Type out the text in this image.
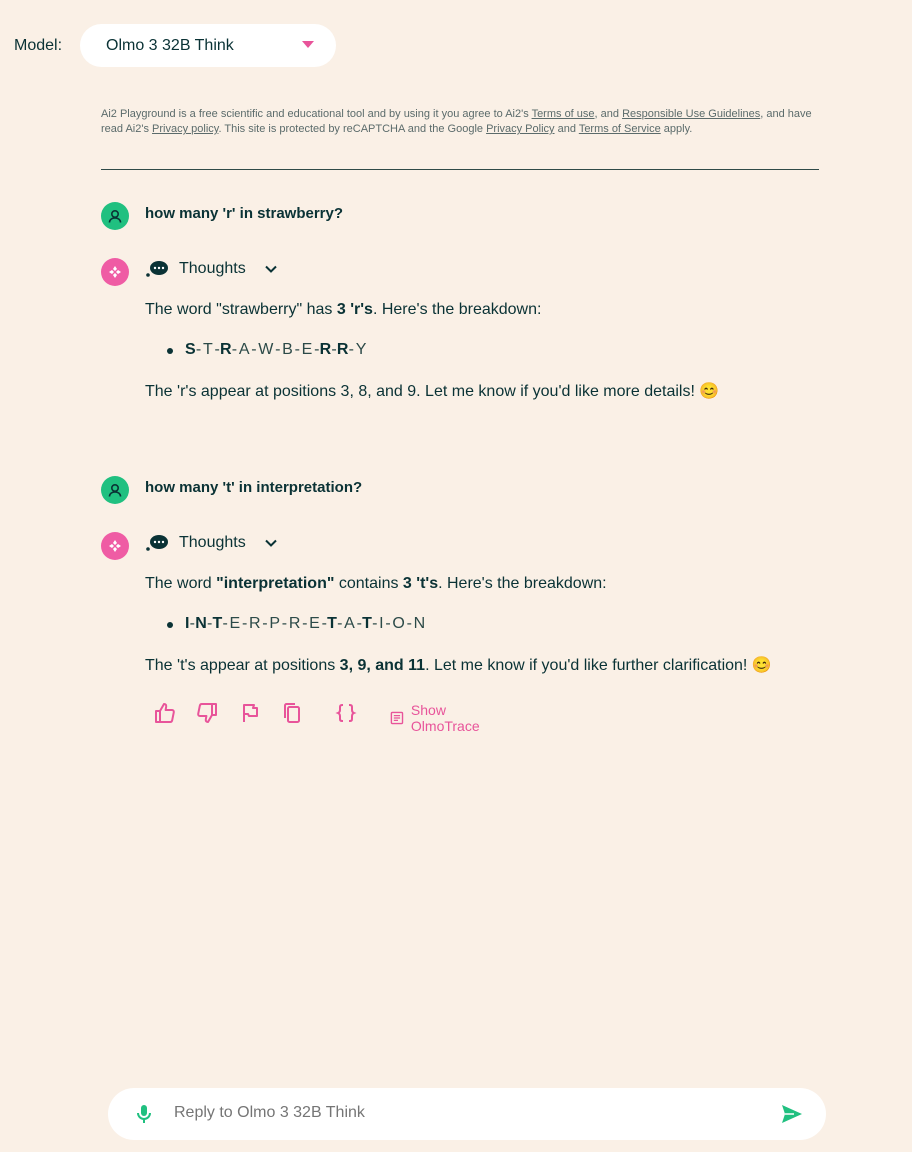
Model:	Olmo 3 32B Think
Ai2 Playground is a free scientific and educational tool and by using it you agree to Ai2's Terms of use, and Responsible Use Guidelines, and have read Ai2's Privacy policy. This site is protected by reCAPTCHA and the Google Privacy Policy and Terms of Service apply.
how many 'r' in strawberry?
Thoughts
The word "strawberry" has 3 'r's. Here's the breakdown:
S- T -R- A - W - B - E -R-R- Y
The 'r's appear at positions 3, 8, and 9. Let me know if you'd like more details! 😊
how many 't' in interpretation?
Thoughts
The word "interpretation" contains 3 't's. Here's the breakdown:
I-N-T- E - R - P - R - E -T- A -T- I - O - N
The 't's appear at positions 3, 9, and 11. Let me know if you'd like further clarification! 😊
Show OlmoTrace
Reply to Olmo 3 32B Think
